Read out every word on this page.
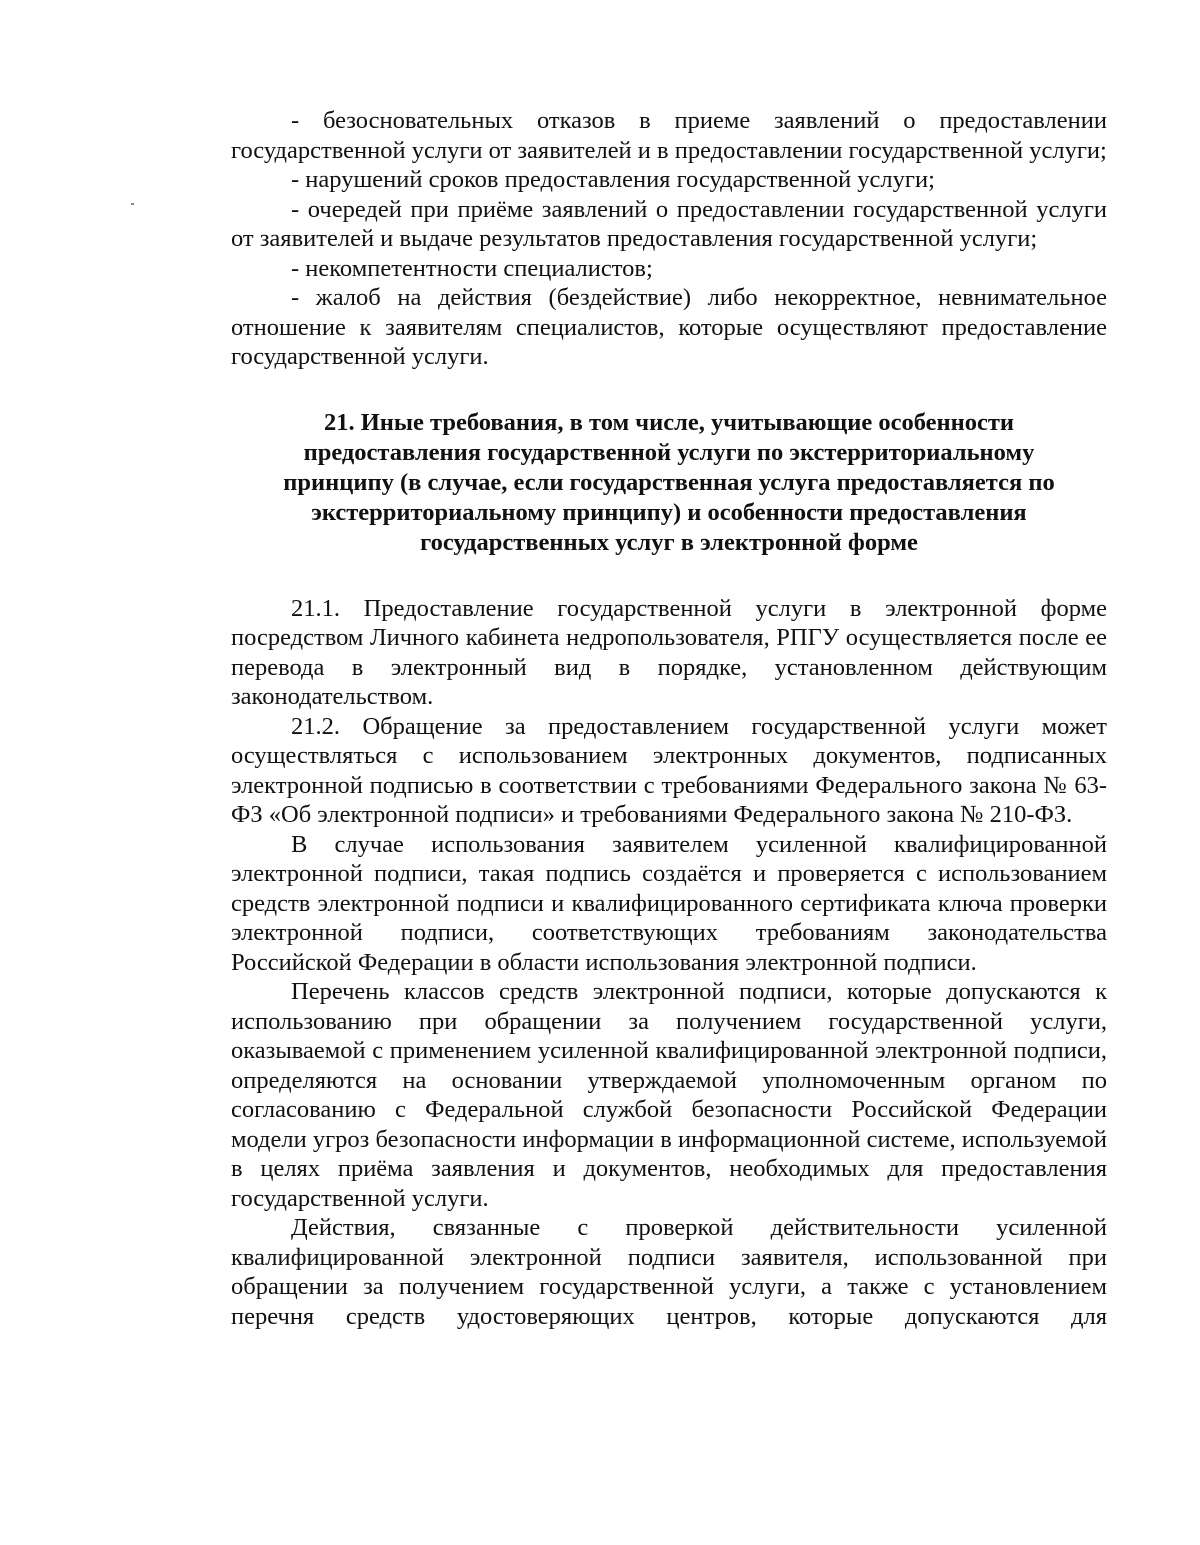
- безосновательных отказов в приеме заявлений о предоставлении государственной услуги от заявителей и в предоставлении государственной услуги;

- нарушений сроков предоставления государственной услуги;

- очередей при приёме заявлений о предоставлении государственной услуги от заявителей и выдаче результатов предоставления государственной услуги;

- некомпетентности специалистов;

- жалоб на действия (бездействие) либо некорректное, невнимательное отношение к заявителям специалистов, которые осуществляют предоставление государственной услуги.

21. Иные требования, в том числе, учитывающие особенности
предоставления государственной услуги по экстерриториальному
принципу (в случае, если государственная услуга предоставляется по
экстерриториальному принципу) и особенности предоставления
государственных услуг в электронной форме

21.1. Предоставление государственной услуги в электронной форме посредством Личного кабинета недропользователя, РПГУ осуществляется после ее перевода в электронный вид в порядке, установленном действующим законодательством.

21.2. Обращение за предоставлением государственной услуги может осуществляться с использованием электронных документов, подписанных электронной подписью в соответствии с требованиями Федерального закона № 63-ФЗ «Об электронной подписи» и требованиями Федерального закона № 210-ФЗ.

В случае использования заявителем усиленной квалифицированной электронной подписи, такая подпись создаётся и проверяется с использованием средств электронной подписи и квалифицированного сертификата ключа проверки электронной подписи, соответствующих требованиям законодательства Российской Федерации в области использования электронной подписи.

Перечень классов средств электронной подписи, которые допускаются к использованию при обращении за получением государственной услуги, оказываемой с применением усиленной квалифицированной электронной подписи, определяются на основании утверждаемой уполномоченным органом по согласованию с Федеральной службой безопасности Российской Федерации модели угроз безопасности информации в информационной системе, используемой в целях приёма заявления и документов, необходимых для предоставления государственной услуги.

Действия, связанные с проверкой действительности усиленной квалифицированной электронной подписи заявителя, использованной при обращении за получением государственной услуги, а также с установлением перечня средств удостоверяющих центров, которые допускаются для
